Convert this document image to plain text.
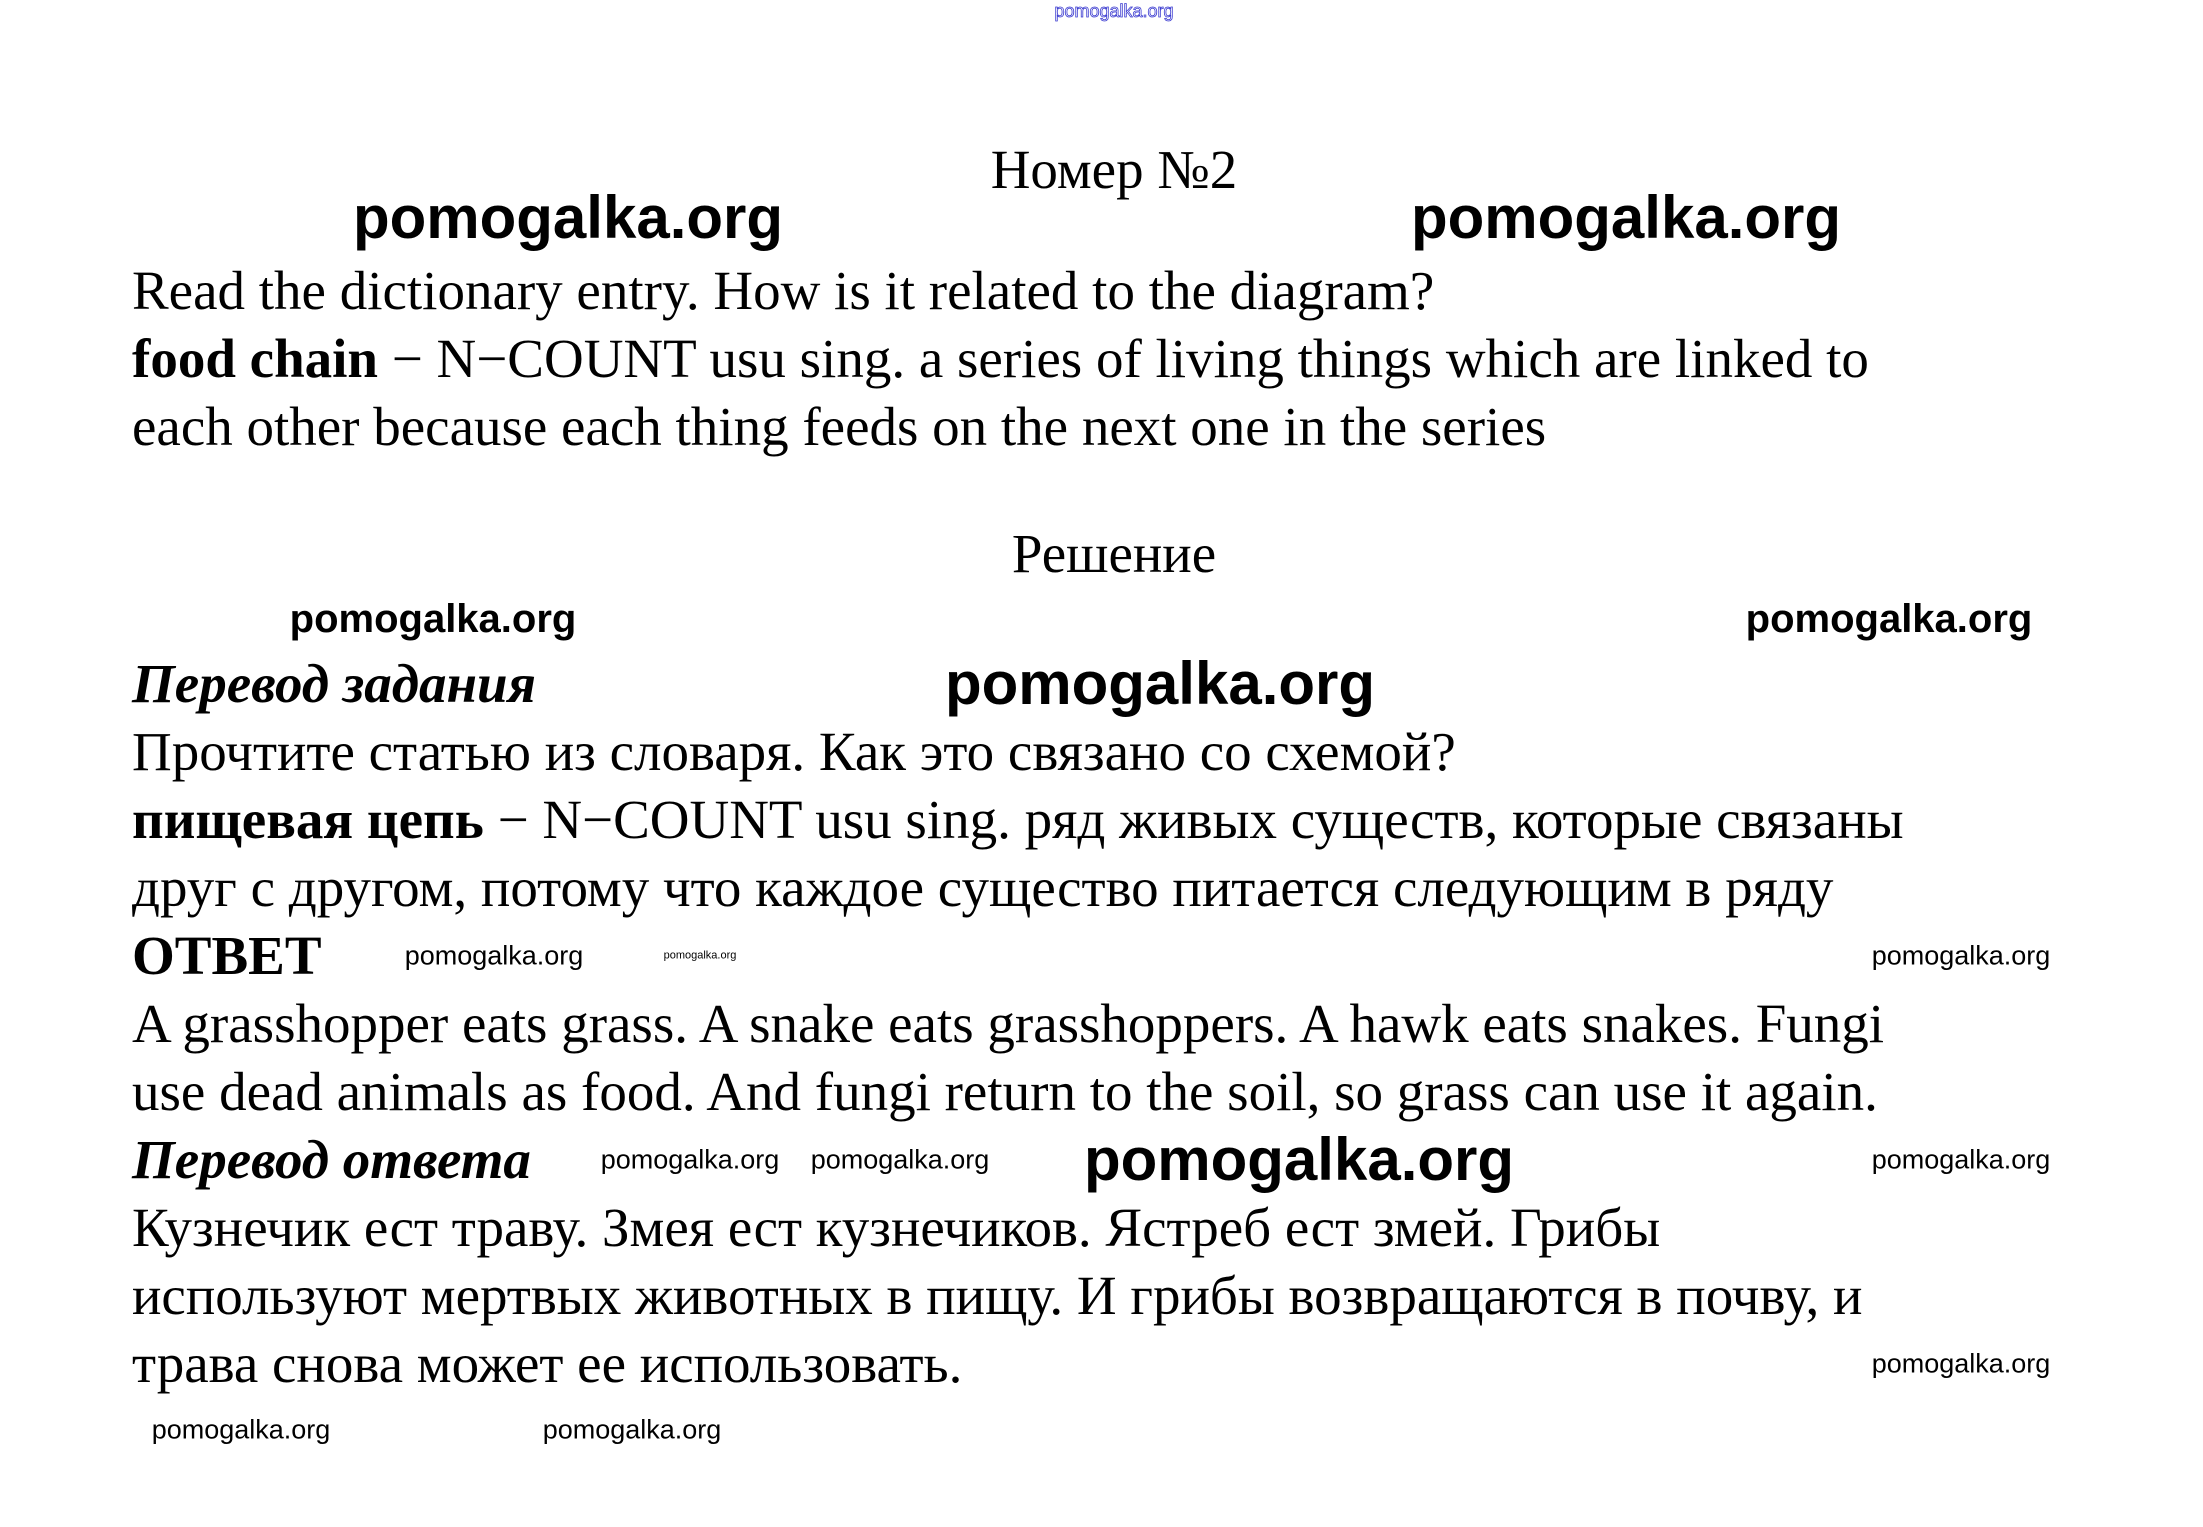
pomogalka.org
Номер №2
Read the dictionary entry. How is it related to the diagram?
food chain − N−COUNT usu sing. a series of living things which are linked to
each other because each thing feeds on the next one in the series
Решение
Перевод задания
Прочтите статью из словаря. Как это связано со схемой?
пищевая цепь − N−COUNT usu sing. ряд живых существ, которые связаны
друг с другом, потому что каждое существо питается следующим в ряду
ОТВЕТ
A grasshopper eats grass. A snake eats grasshoppers. A hawk eats snakes. Fungi
use dead animals as food. And fungi return to the soil, so grass can use it again.
Перевод ответа
Кузнечик ест траву. Змея ест кузнечиков. Ястреб ест змей. Грибы
используют мертвых животных в пищу. И грибы возвращаются в почву, и
трава снова может ее использовать.
pomogalka.org	pomogalka.org
pomogalka.org
pomogalka.org
pomogalka.org	pomogalka.org
pomogalka.org	pomogalka.org
pomogalka.org
pomogalka.org pomogalka.org	pomogalka.org
pomogalka.org	pomogalka.org
pomogalka.org
